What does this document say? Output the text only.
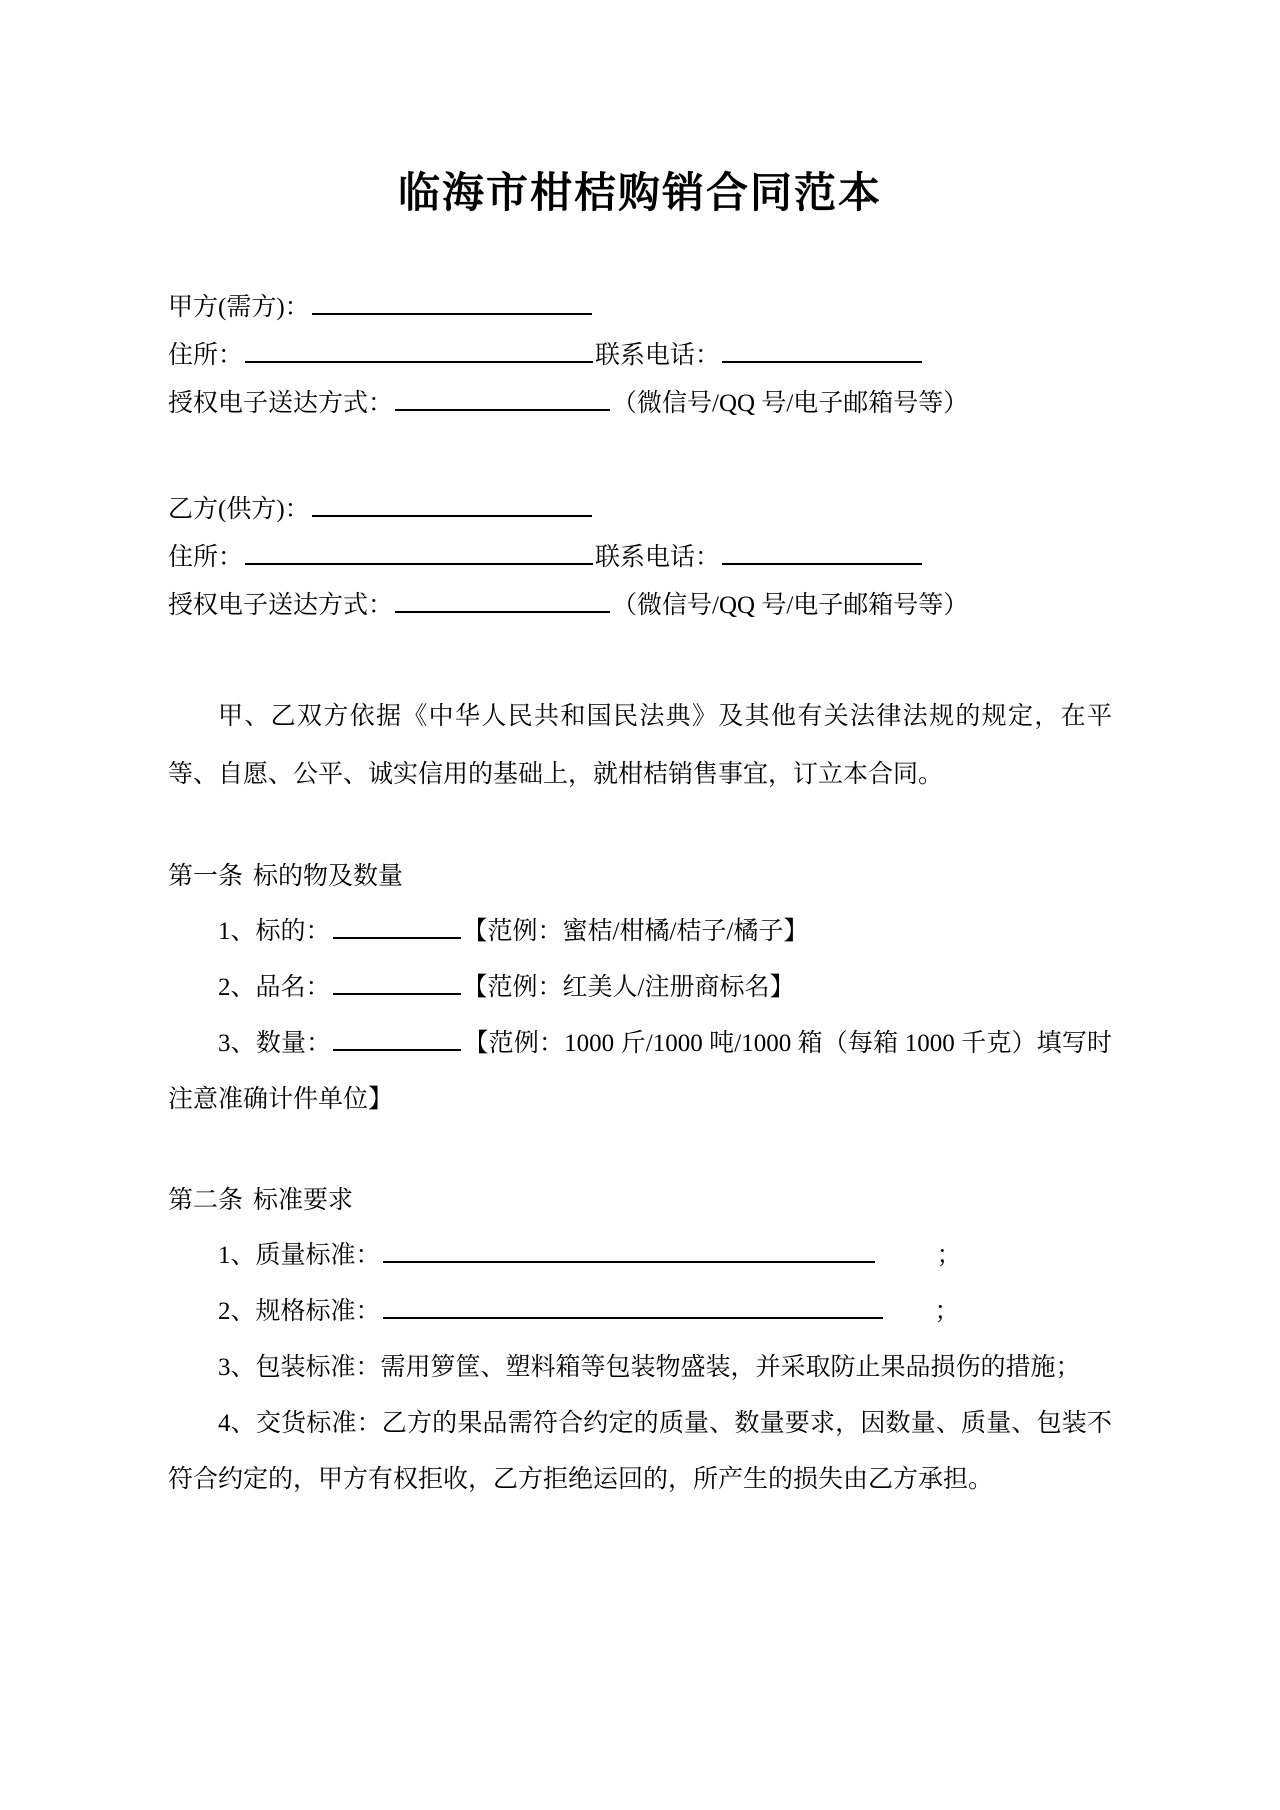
临海市柑桔购销合同范本
甲方(需方)：
住所：	联系电话：
授权电子送达方式：	（微信号/QQ 号/电子邮箱号等）
乙方(供方)：
住所：	联系电话：
授权电子送达方式：	（微信号/QQ 号/电子邮箱号等）

甲、乙双方依据《中华人民共和国民法典》及其他有关法律法规的规定，在平等、自愿、公平、诚实信用的基础上，就柑桔销售事宜，订立本合同。

第一条 标的物及数量
1、标的：	【范例：蜜桔/柑橘/桔子/橘子】
2、品名：	【范例：红美人/注册商标名】
3、数量：	【范例：1000 斤/1000 吨/1000 箱（每箱 1000 千克）填写时注意准确计件单位】
第二条 标准要求
1、质量标准：	；
2、规格标准：	；
3、包装标准：需用箩筐、塑料箱等包装物盛装，并采取防止果品损伤的措施；
4、交货标准：乙方的果品需符合约定的质量、数量要求，因数量、质量、包装不符合约定的，甲方有权拒收，乙方拒绝运回的，所产生的损失由乙方承担。
